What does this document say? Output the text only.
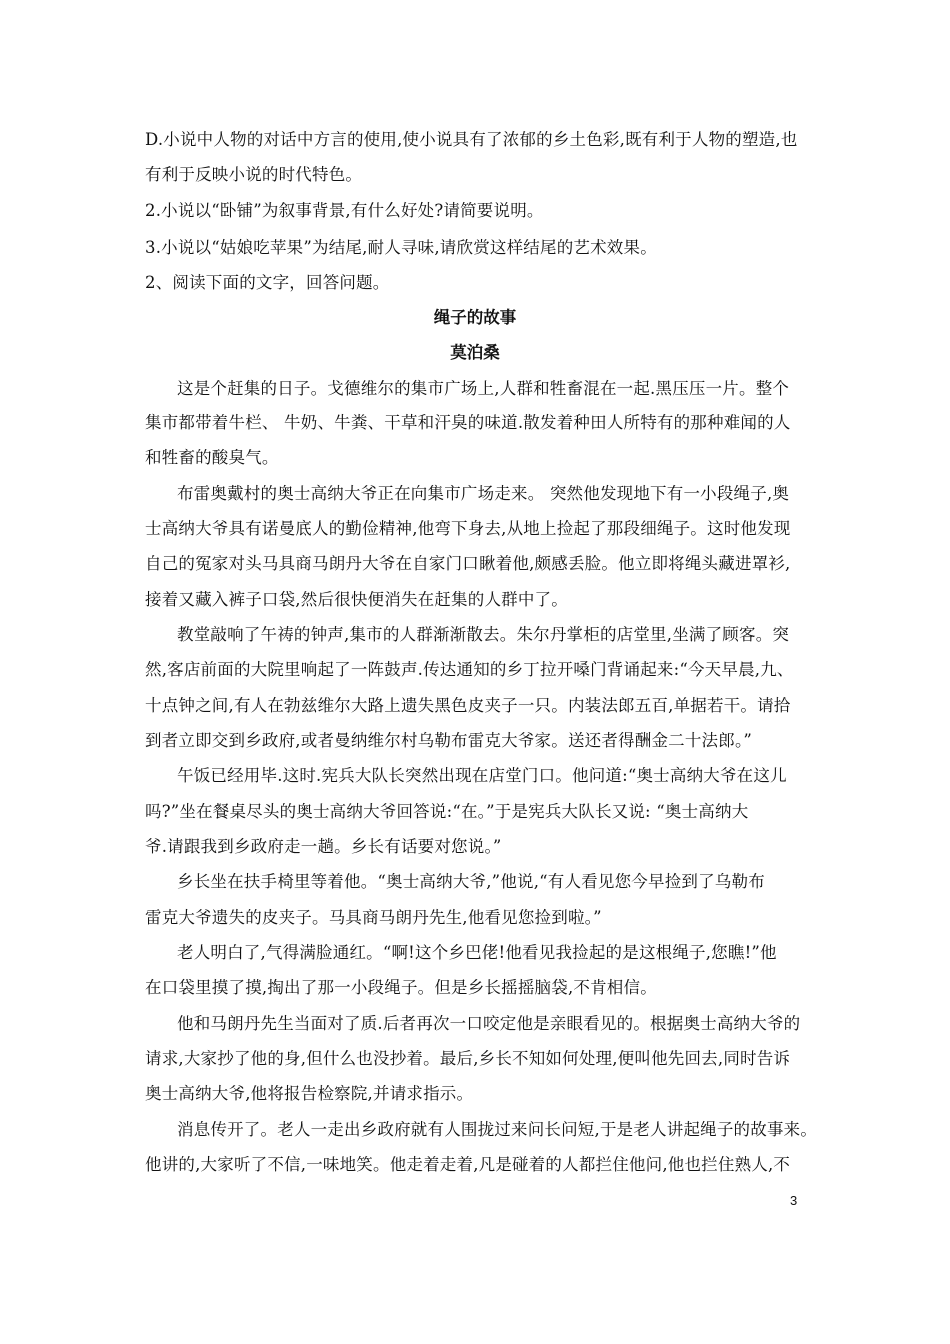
D.小说中人物的对话中方言的使用,使小说具有了浓郁的乡土色彩,既有利于人物的塑造,也
有利于反映小说的时代特色。
2.小说以“卧铺”为叙事背景,有什么好处?请简要说明。
3.小说以“姑娘吃苹果”为结尾,耐人寻味,请欣赏这样结尾的艺术效果。
2、阅读下面的文字，回答问题。
绳子的故事
莫泊桑
这是个赶集的日子。戈德维尔的集市广场上,人群和牲畜混在一起.黑压压一片。整个
集市都带着牛栏、 牛奶、牛粪、干草和汗臭的味道.散发着种田人所特有的那种难闻的人
和牲畜的酸臭气。
布雷奥戴村的奥士高纳大爷正在向集市广场走来。 突然他发现地下有一小段绳子,奥
士高纳大爷具有诺曼底人的勤俭精神,他弯下身去,从地上捡起了那段细绳子。这时他发现
自己的冤家对头马具商马朗丹大爷在自家门口瞅着他,颇感丢脸。他立即将绳头藏进罩衫,
接着又藏入裤子口袋,然后很快便消失在赶集的人群中了。
教堂敲响了午祷的钟声,集市的人群渐渐散去。朱尔丹掌柜的店堂里,坐满了顾客。突
然,客店前面的大院里响起了一阵鼓声.传达通知的乡丁拉开嗓门背诵起来:“今天早晨,九、
十点钟之间,有人在勃兹维尔大路上遗失黑色皮夹子一只。内装法郎五百,单据若干。请拾
到者立即交到乡政府,或者曼纳维尔村乌勒布雷克大爷家。送还者得酬金二十法郎。”
午饭已经用毕.这时.宪兵大队长突然出现在店堂门口。他问道:“奥士高纳大爷在这儿
吗?”坐在餐桌尽头的奥士高纳大爷回答说:“在。”于是宪兵大队长又说: “奥士高纳大
爷.请跟我到乡政府走一趟。乡长有话要对您说。”
乡长坐在扶手椅里等着他。“奥士高纳大爷,”他说,“有人看见您今早捡到了乌勒布
雷克大爷遗失的皮夹子。马具商马朗丹先生,他看见您捡到啦。”
老人明白了,气得满脸通红。“啊!这个乡巴佬!他看见我捡起的是这根绳子,您瞧!”他
在口袋里摸了摸,掏出了那一小段绳子。但是乡长摇摇脑袋,不肯相信。
他和马朗丹先生当面对了质.后者再次一口咬定他是亲眼看见的。根据奥士高纳大爷的
请求,大家抄了他的身,但什么也没抄着。最后,乡长不知如何处理,便叫他先回去,同时告诉
奥士高纳大爷,他将报告检察院,并请求指示。
消息传开了。老人一走出乡政府就有人围拢过来问长问短,于是老人讲起绳子的故事来。
他讲的,大家听了不信,一味地笑。他走着走着,凡是碰着的人都拦住他问,他也拦住熟人,不
3
